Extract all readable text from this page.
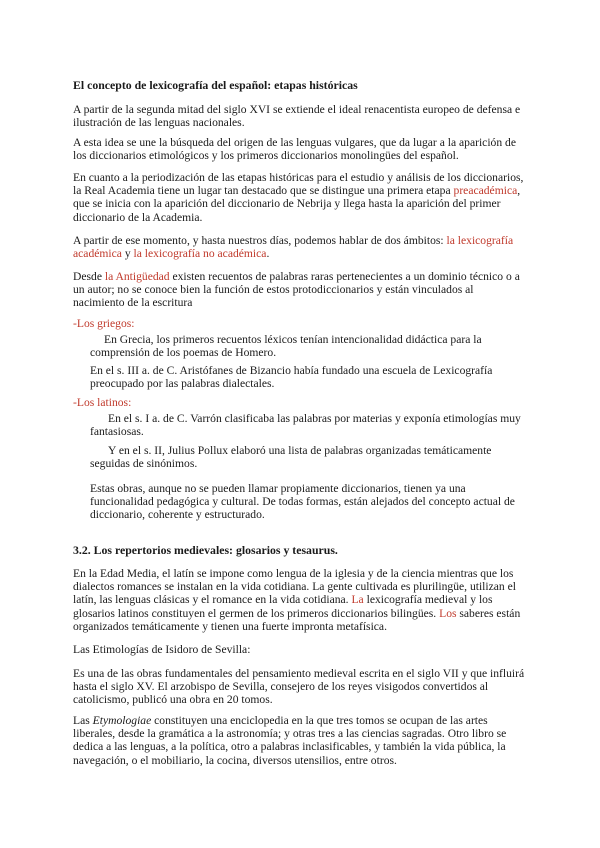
El concepto de lexicografía del español: etapas históricas

A partir de la segunda mitad del siglo XVI se extiende el ideal renacentista europeo de defensa e ilustración de las lenguas nacionales.

A esta idea se une la búsqueda del origen de las lenguas vulgares, que da lugar a la aparición de los diccionarios etimológicos y los primeros diccionarios monolingües del español.

En cuanto a la periodización de las etapas históricas para el estudio y análisis de los diccionarios, la Real Academia tiene un lugar tan destacado que se distingue una primera etapa preacadémica, que se inicia con la aparición del diccionario de Nebrija y llega hasta la aparición del primer diccionario de la Academia.

A partir de ese momento, y hasta nuestros días, podemos hablar de dos ámbitos: la lexicografía académica y la lexicografía no académica.

Desde la Antigüedad existen recuentos de palabras raras pertenecientes a un dominio técnico o a un autor; no se conoce bien la función de estos protodiccionarios y están vinculados al nacimiento de la escritura

-Los griegos:

En Grecia, los primeros recuentos léxicos tenían intencionalidad didáctica para la comprensión de los poemas de Homero.

En el s. III a. de C. Aristófanes de Bizancio había fundado una escuela de Lexicografía preocupado por las palabras dialectales.

-Los latinos:

En el s. I a. de C. Varrón clasificaba las palabras por materias y exponía etimologías muy fantasiosas.

Y en el s. II, Julius Pollux elaboró una lista de palabras organizadas temáticamente seguidas de sinónimos.

Estas obras, aunque no se pueden llamar propiamente diccionarios, tienen ya una funcionalidad pedagógica y cultural. De todas formas, están alejados del concepto actual de diccionario, coherente y estructurado.

3.2. Los repertorios medievales: glosarios y tesaurus.

En la Edad Media, el latín se impone como lengua de la iglesia y de la ciencia mientras que los dialectos romances se instalan en la vida cotidiana. La gente cultivada es plurilingüe, utilizan el latín, las lenguas clásicas y el romance en la vida cotidiana. La lexicografía medieval y los glosarios latinos constituyen el germen de los primeros diccionarios bilingües. Los saberes están organizados temáticamente y tienen una fuerte impronta metafísica.

Las Etimologías de Isidoro de Sevilla:

Es una de las obras fundamentales del pensamiento medieval escrita en el siglo VII y que influirá hasta el siglo XV. El arzobispo de Sevilla, consejero de los reyes visigodos convertidos al catolicismo, publicó una obra en 20 tomos.

Las Etymologiae constituyen una enciclopedia en la que tres tomos se ocupan de las artes liberales, desde la gramática a la astronomía; y otras tres a las ciencias sagradas. Otro libro se dedica a las lenguas, a la política, otro a palabras inclasificables, y también la vida pública, la navegación, o el mobiliario, la cocina, diversos utensilios, entre otros.
